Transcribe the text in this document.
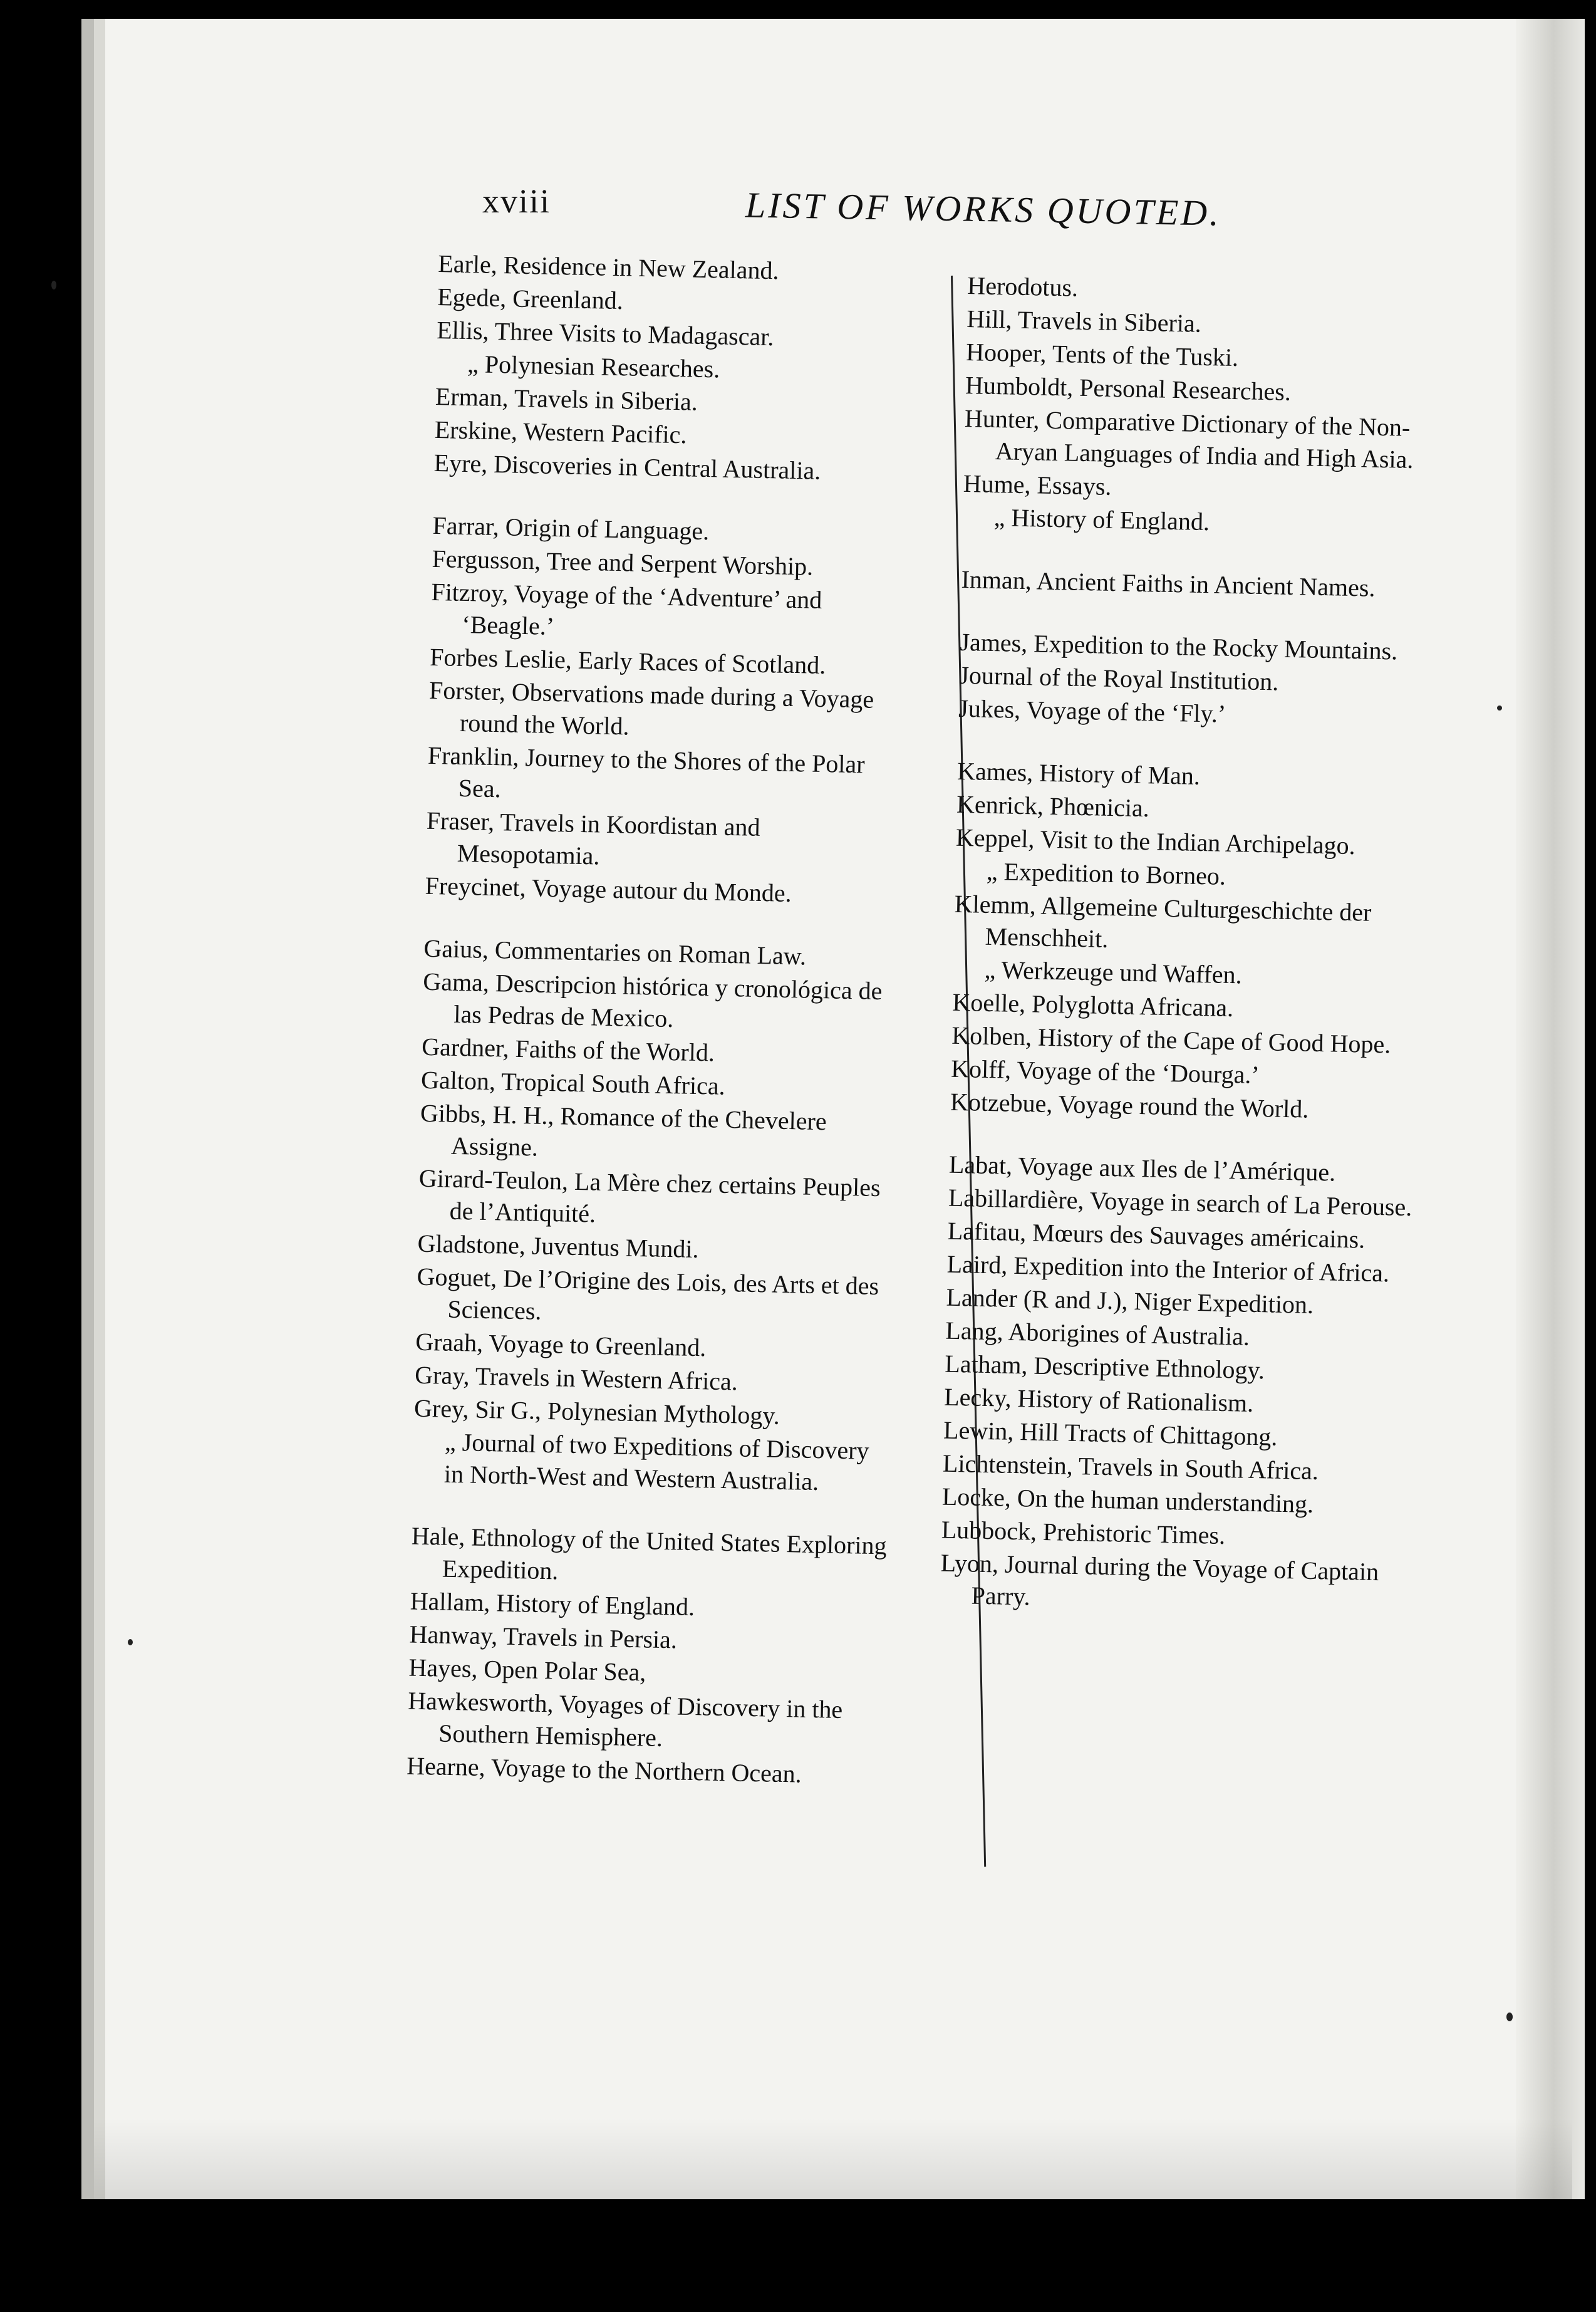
xviii	LIST OF WORKS QUOTED.
Earle, Residence in New Zealand.
Egede, Greenland.
Ellis, Three Visits to Madagascar.
„ Polynesian Researches.
Erman, Travels in Siberia.
Erskine, Western Pacific.
Eyre, Discoveries in Central Australia.
Farrar, Origin of Language.
Fergusson, Tree and Serpent Worship.
Fitzroy, Voyage of the ‘Adventure’ and ‘Beagle.’
Forbes Leslie, Early Races of Scotland.
Forster, Observations made during a Voyage round the World.
Franklin, Journey to the Shores of the Polar Sea.
Fraser, Travels in Koordistan and Mesopotamia.
Freycinet, Voyage autour du Monde.
Gaius, Commentaries on Roman Law.
Gama, Descripcion histórica y cronológica de las Pedras de Mexico.
Gardner, Faiths of the World.
Galton, Tropical South Africa.
Gibbs, H. H., Romance of the Chevelere Assigne.
Girard-Teulon, La Mère chez certains Peuples de l’Antiquité.
Gladstone, Juventus Mundi.
Goguet, De l’Origine des Lois, des Arts et des Sciences.
Graah, Voyage to Greenland.
Gray, Travels in Western Africa.
Grey, Sir G., Polynesian Mythology.
„ Journal of two Expeditions of Discovery in North-West and Western Australia.
Hale, Ethnology of the United States Exploring Expedition.
Hallam, History of England.
Hanway, Travels in Persia.
Hayes, Open Polar Sea,
Hawkesworth, Voyages of Discovery in the Southern Hemisphere.
Hearne, Voyage to the Northern Ocean.
Herodotus.
Hill, Travels in Siberia.
Hooper, Tents of the Tuski.
Humboldt, Personal Researches.
Hunter, Comparative Dictionary of the Non-Aryan Languages of India and High Asia.
Hume, Essays.
„ History of England.
Inman, Ancient Faiths in Ancient Names.
James, Expedition to the Rocky Mountains.
Journal of the Royal Institution.
Jukes, Voyage of the ‘Fly.’
Kames, History of Man.
Kenrick, Phœnicia.
Keppel, Visit to the Indian Archipelago.
„ Expedition to Borneo.
Klemm, Allgemeine Culturgeschichte der Menschheit.
„ Werkzeuge und Waffen.
Koelle, Polyglotta Africana.
Kolben, History of the Cape of Good Hope.
Kolff, Voyage of the ‘Dourga.’
Kotzebue, Voyage round the World.
Labat, Voyage aux Iles de l’Amérique.
Labillardière, Voyage in search of La Perouse.
Lafitau, Mœurs des Sauvages américains.
Laird, Expedition into the Interior of Africa.
Lander (R and J.), Niger Expedition.
Lang, Aborigines of Australia.
Latham, Descriptive Ethnology.
Lecky, History of Rationalism.
Lewin, Hill Tracts of Chittagong.
Lichtenstein, Travels in South Africa.
Locke, On the human understanding.
Lubbock, Prehistoric Times.
Lyon, Journal during the Voyage of Captain Parry.
